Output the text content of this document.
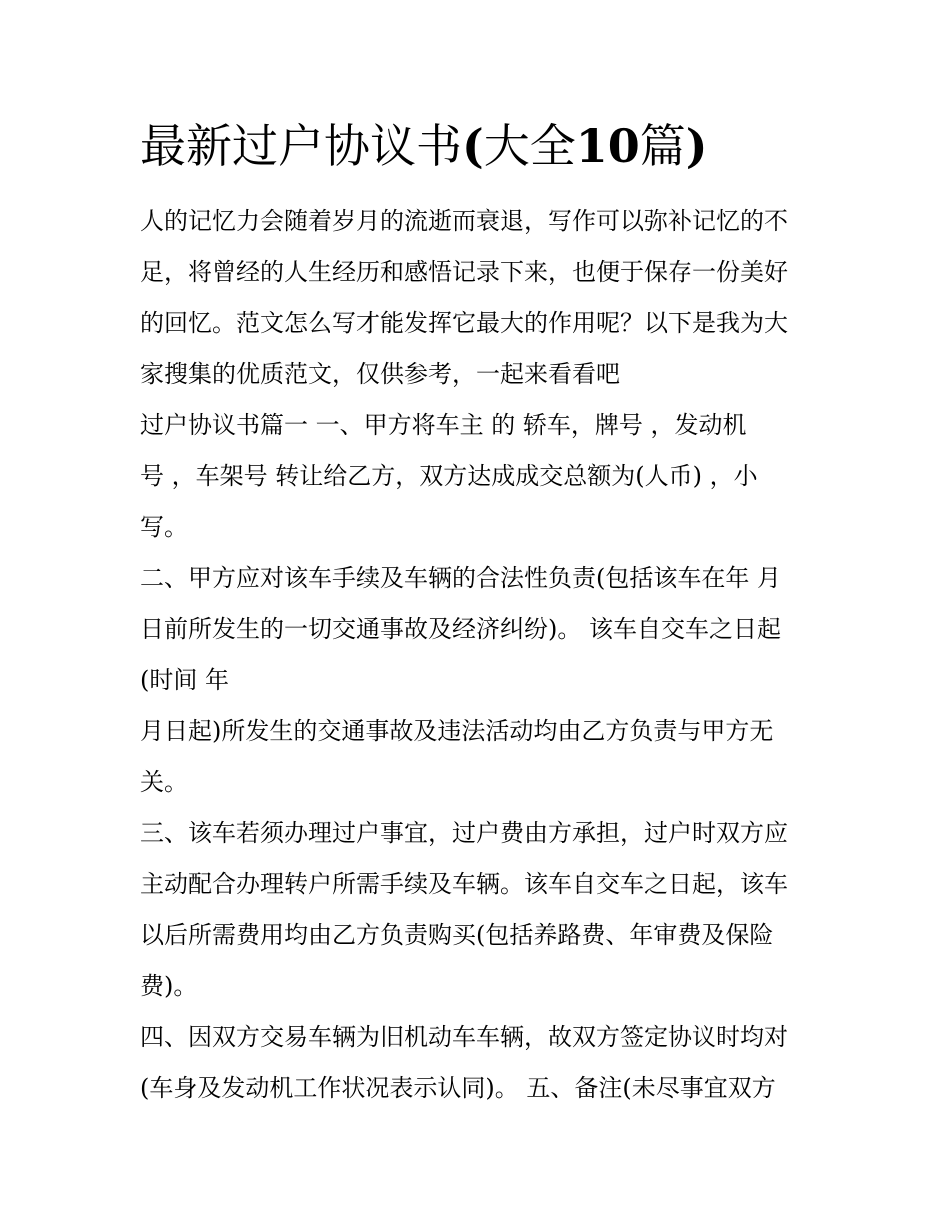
最新过户协议书(大全10篇)
人的记忆力会随着岁月的流逝而衰退，写作可以弥补记忆的不
足，将曾经的人生经历和感悟记录下来，也便于保存一份美好
的回忆。范文怎么写才能发挥它最大的作用呢？以下是我为大
家搜集的优质范文，仅供参考，一起来看看吧
过户协议书篇一 一、甲方将车主 的 轿车，牌号 ，发动机
号 ，车架号 转让给乙方，双方达成成交总额为(人币) ，小
写。
二、甲方应对该车手续及车辆的合法性负责(包括该车在年 月
日前所发生的一切交通事故及经济纠纷)。 该车自交车之日起
(时间 年
月日起)所发生的交通事故及违法活动均由乙方负责与甲方无
关。
三、该车若须办理过户事宜，过户费由方承担，过户时双方应
主动配合办理转户所需手续及车辆。该车自交车之日起，该车
以后所需费用均由乙方负责购买(包括养路费、年审费及保险
费)。
四、因双方交易车辆为旧机动车车辆，故双方签定协议时均对
(车身及发动机工作状况表示认同)。 五、备注(未尽事宜双方
